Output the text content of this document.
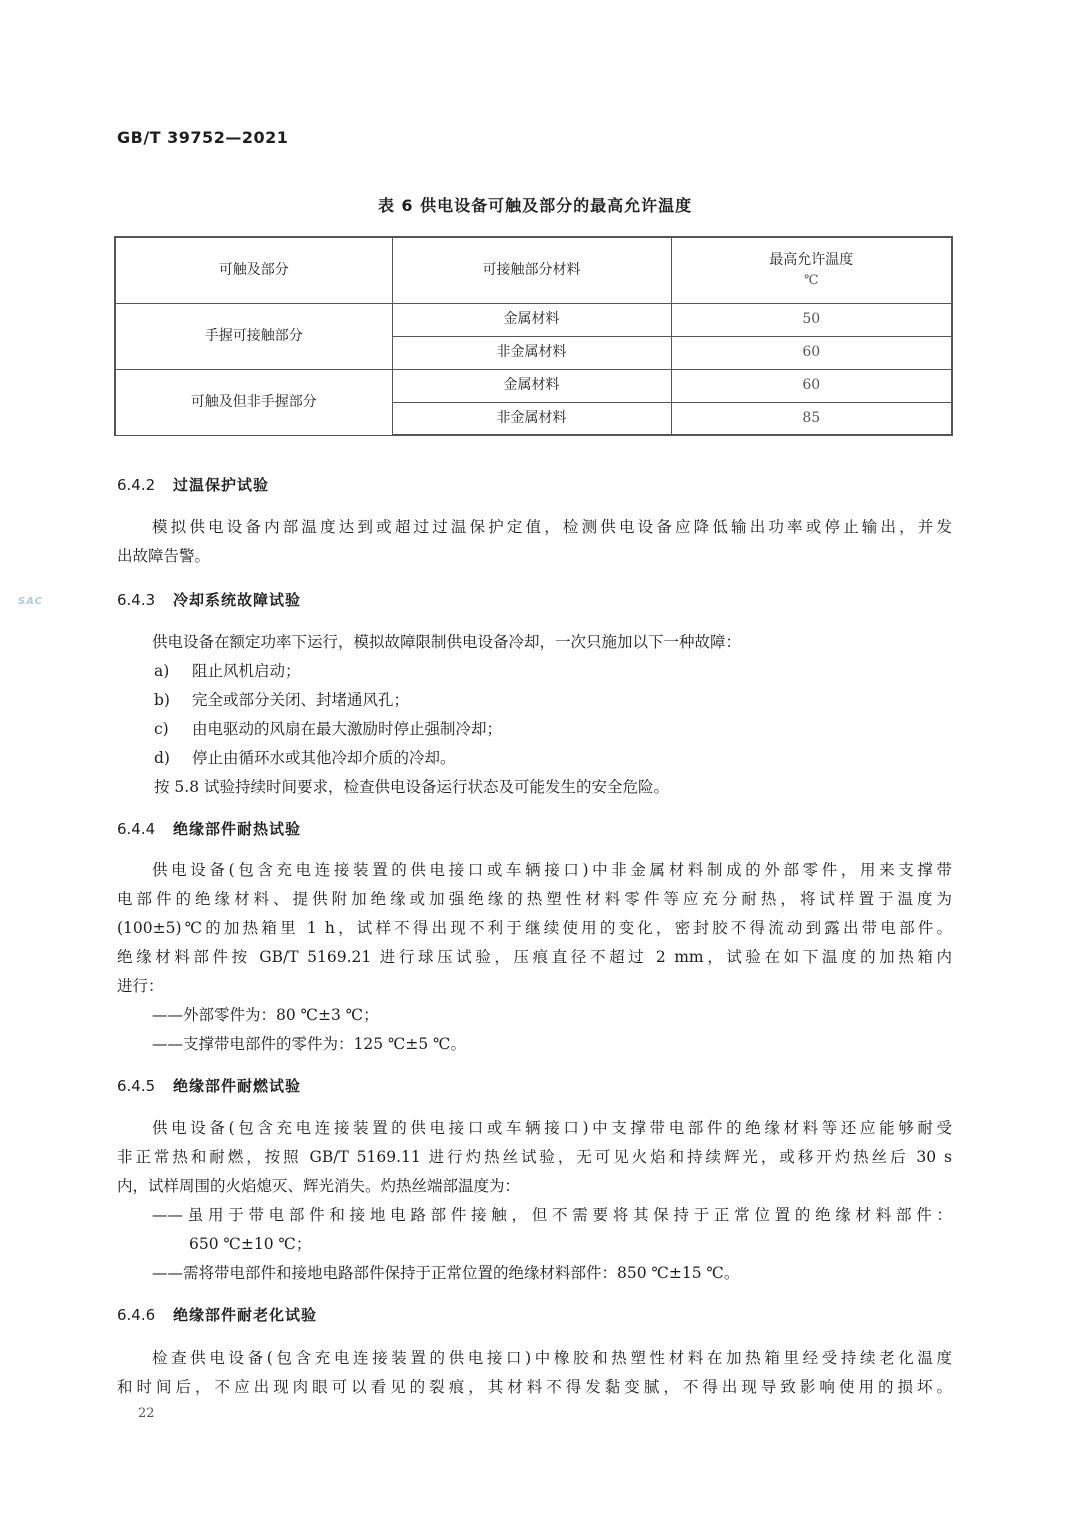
GB/T 39752—2021
表 6 供电设备可触及部分的最高允许温度
可触及部分	可接触部分材料	最高允许温度
℃

手握可接触部分	金属材料	50
	非金属材料	60
可触及但非手握部分	金属材料	60
	非金属材料	85
6.4.2 过温保护试验
模拟供电设备内部温度达到或超过过温保护定值，检测供电设备应降低输出功率或停止输出，并发
出故障告警。
SAC	6.4.3 冷却系统故障试验
供电设备在额定功率下运行，模拟故障限制供电设备冷却，一次只施加以下一种故障：
a) 阻止风机启动；
b) 完全或部分关闭、封堵通风孔；
c) 由电驱动的风扇在最大激励时停止强制冷却；
d) 停止由循环水或其他冷却介质的冷却。
按 5.8 试验持续时间要求，检查供电设备运行状态及可能发生的安全危险。
6.4.4 绝缘部件耐热试验
供电设备(包含充电连接装置的供电接口或车辆接口)中非金属材料制成的外部零件，用来支撑带
电部件的绝缘材料、提供附加绝缘或加强绝缘的热塑性材料零件等应充分耐热，将试样置于温度为
(100±5)℃的加热箱里 1 h，试样不得出现不利于继续使用的变化，密封胶不得流动到露出带电部件。
绝缘材料部件按 GB/T 5169.21 进行球压试验，压痕直径不超过 2 mm，试验在如下温度的加热箱内
进行：
——外部零件为：80 ℃±3 ℃；
——支撑带电部件的零件为：125 ℃±5 ℃。
6.4.5 绝缘部件耐燃试验
供电设备(包含充电连接装置的供电接口或车辆接口)中支撑带电部件的绝缘材料等还应能够耐受
非正常热和耐燃，按照 GB/T 5169.11 进行灼热丝试验，无可见火焰和持续辉光，或移开灼热丝后 30 s
内，试样周围的火焰熄灭、辉光消失。灼热丝端部温度为：
——虽用于带电部件和接地电路部件接触，但不需要将其保持于正常位置的绝缘材料部件：
650 ℃±10 ℃；
——需将带电部件和接地电路部件保持于正常位置的绝缘材料部件：850 ℃±15 ℃。
6.4.6 绝缘部件耐老化试验
检查供电设备(包含充电连接装置的供电接口)中橡胶和热塑性材料在加热箱里经受持续老化温度
和时间后，不应出现肉眼可以看见的裂痕，其材料不得发黏变腻，不得出现导致影响使用的损坏。
22
